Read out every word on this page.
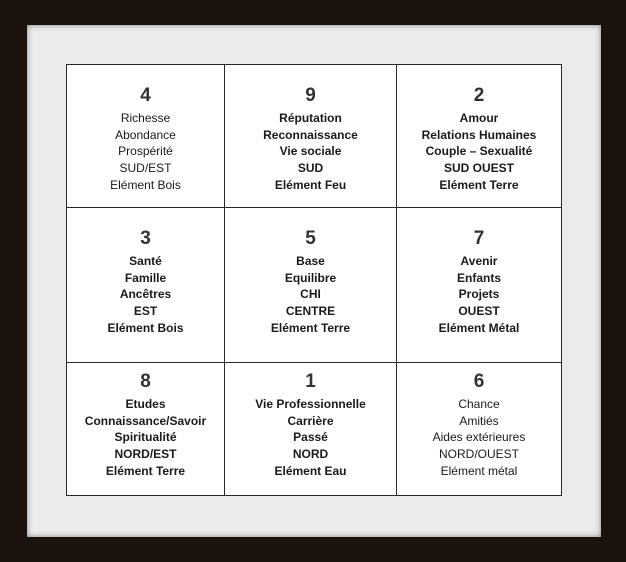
4
Richesse
Abondance
Prospérité
SUD/EST
Elément Bois
9
Réputation
Reconnaissance
Vie sociale
SUD
Elément Feu
2
Amour
Relations Humaines
Couple – Sexualité
SUD OUEST
Elément Terre
3
Santé
Famille
Ancêtres
EST
Elément Bois
5
Base
Equilibre
CHI
CENTRE
Elément Terre
7
Avenir
Enfants
Projets
OUEST
Elément Métal
8
Etudes
Connaissance/Savoir
Spiritualité
NORD/EST
Elément Terre
1
Vie Professionnelle
Carrière
Passé
NORD
Elément Eau
6
Chance
Amitiés
Aides extérieures
NORD/OUEST
Elément métal
